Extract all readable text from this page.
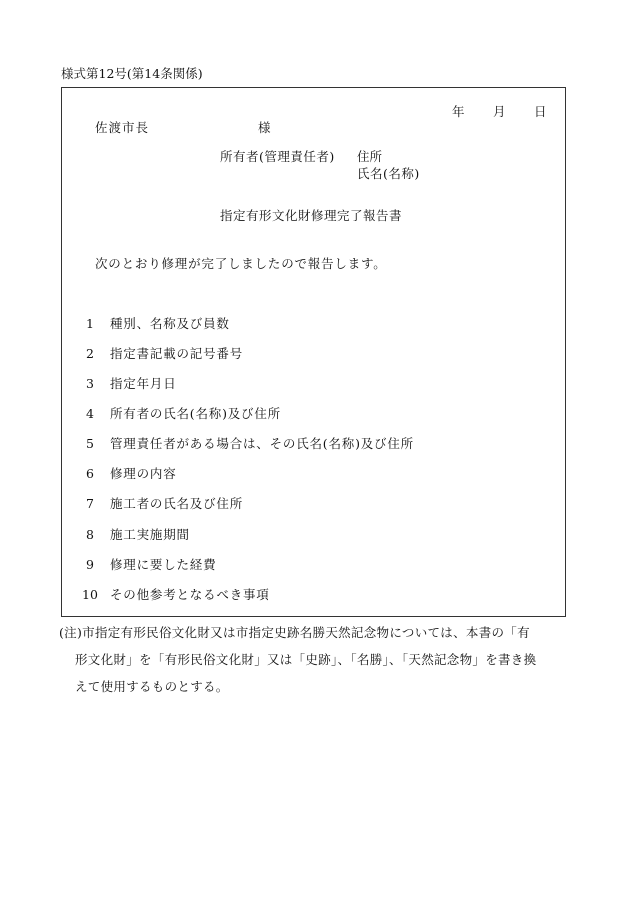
様式第12号(第14条関係)
年 月 日
佐渡市長	様
所有者(管理責任者) 住所
氏名(名称)
指定有形文化財修理完了報告書
次のとおり修理が完了しましたので報告します。
1	種別、名称及び員数
2	指定書記載の記号番号
3	指定年月日
4	所有者の氏名(名称)及び住所
5	管理責任者がある場合は、その氏名(名称)及び住所
6	修理の内容
7	施工者の氏名及び住所
8	施工実施期間
9	修理に要した経費
10 その他参考となるべき事項
(注)市指定有形民俗文化財又は市指定史跡名勝天然記念物については、本書の「有
形文化財」を「有形民俗文化財」又は「史跡」、「名勝」、「天然記念物」を書き換
えて使用するものとする。
